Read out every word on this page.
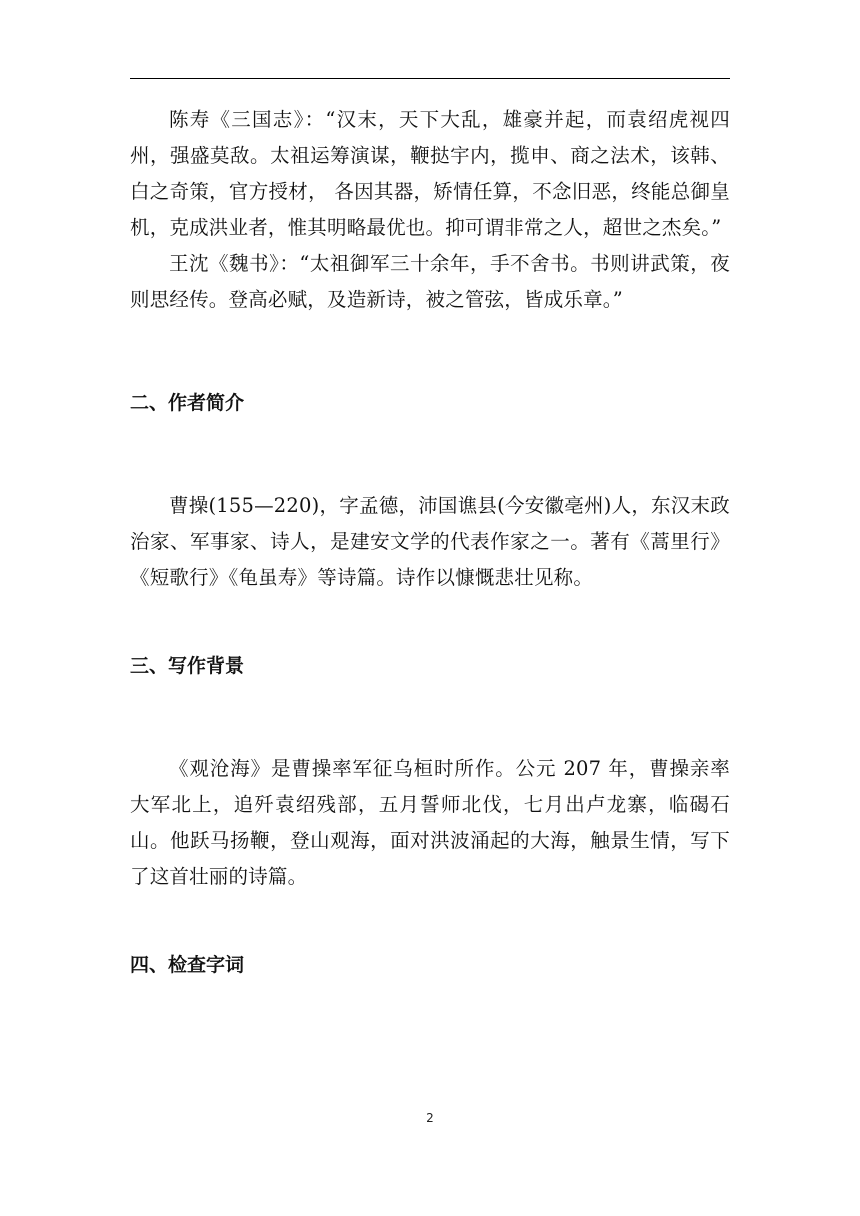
陈寿《三国志》：“汉末，天下大乱，雄豪并起，而袁绍虎视四州，强盛莫敌。太祖运筹演谋，鞭挞宇内，揽申、商之法术，该韩、白之奇策，官方授材， 各因其器，矫情任算，不念旧恶，终能总御皇机，克成洪业者，惟其明略最优也。抑可谓非常之人，超世之杰矣。”

王沈《魏书》：“太祖御军三十余年，手不舍书。书则讲武策，夜则思经传。登高必赋，及造新诗，被之管弦，皆成乐章。”

二、作者简介

曹操(155—220)，字孟德，沛国谯县(今安徽亳州)人，东汉末政治家、军事家、诗人，是建安文学的代表作家之一。著有《蒿里行》《短歌行》《龟虽寿》等诗篇。诗作以慷慨悲壮见称。

三、写作背景

《观沧海》是曹操率军征乌桓时所作。公元 207 年，曹操亲率大军北上，追歼袁绍残部，五月誓师北伐，七月出卢龙寨，临碣石山。他跃马扬鞭，登山观海，面对洪波涌起的大海，触景生情，写下了这首壮丽的诗篇。

四、检查字词
2
